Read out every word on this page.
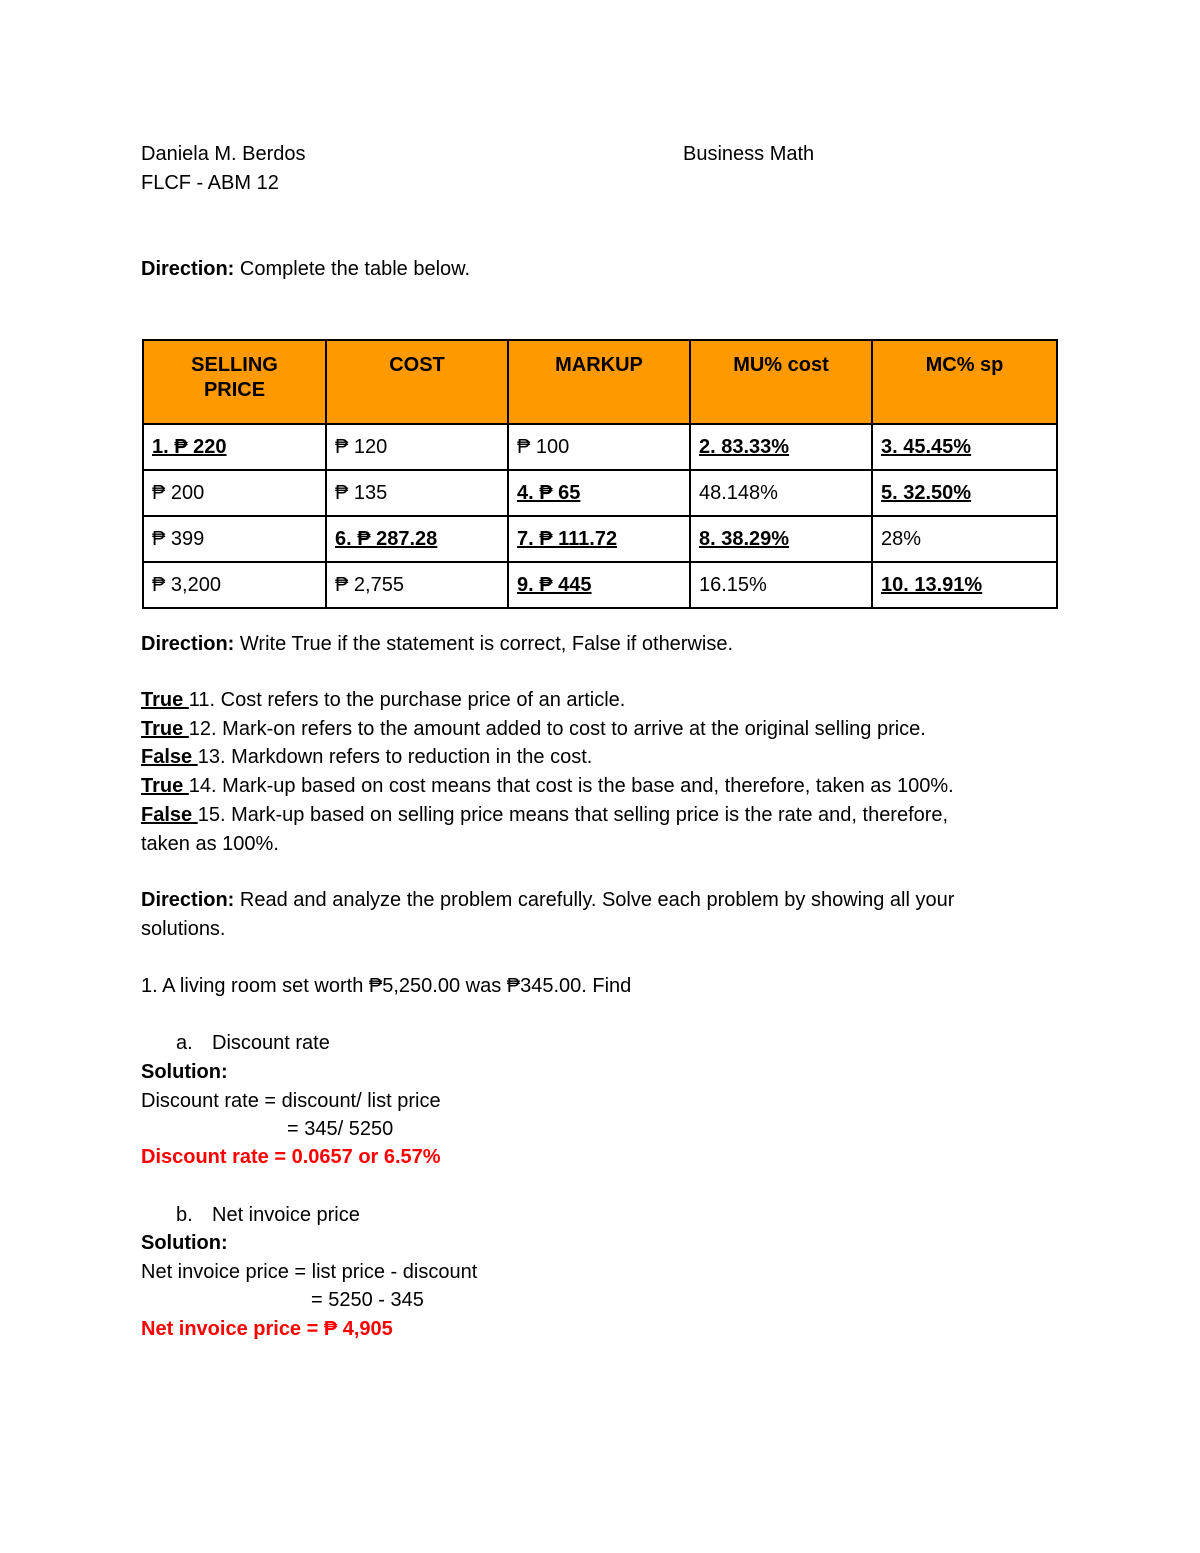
Daniela M. Berdos	Business Math
FLCF - ABM 12
Direction: Complete the table below.
SELLING PRICE	COST	MARKUP	MU% cost	MC% sp
1. ₱ 220	₱ 120	₱ 100	2. 83.33%	3. 45.45%
₱ 200	₱ 135	4. ₱ 65	48.148%	5. 32.50%
₱ 399	6. ₱ 287.28	7. ₱ 111.72	8. 38.29%	28%
₱ 3,200	₱ 2,755	9. ₱ 445	16.15%	10. 13.91%
Direction: Write True if the statement is correct, False if otherwise.
True 11. Cost refers to the purchase price of an article.
True 12. Mark-on refers to the amount added to cost to arrive at the original selling price.
False 13. Markdown refers to reduction in the cost.
True 14. Mark-up based on cost means that cost is the base and, therefore, taken as 100%.
False 15. Mark-up based on selling price means that selling price is the rate and, therefore,
taken as 100%.
Direction: Read and analyze the problem carefully. Solve each problem by showing all your
solutions.
1. A living room set worth ₱5,250.00 was ₱345.00. Find
a. Discount rate
Solution:
Discount rate = discount/ list price
= 345/ 5250
Discount rate = 0.0657 or 6.57%
b. Net invoice price
Solution:
Net invoice price = list price - discount
= 5250 - 345
Net invoice price = ₱ 4,905
